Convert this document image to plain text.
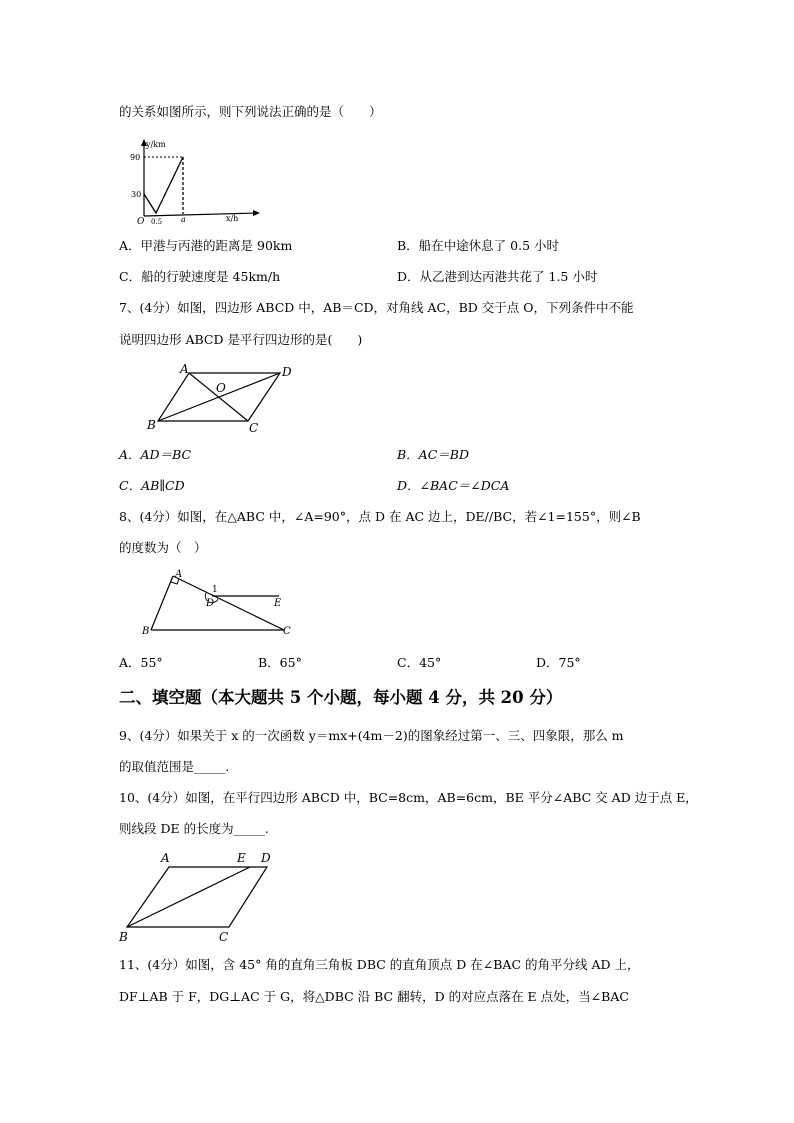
的关系如图所示，则下列说法正确的是（　　）
y/km
90
30
O 0.5 a	x/h
A．甲港与丙港的距离是 90km	B．船在中途休息了 0.5 小时
C．船的行驶速度是 45km/h	D．从乙港到达丙港共花了 1.5 小时
7、(4分）如图，四边形 ABCD 中，AB＝CD，对角线 AC，BD 交于点 O，下列条件中不能
说明四边形 ABCD 是平行四边形的是(　　)
A	D
B	C
O
A．AD＝BC	B．AC＝BD
C．AB∥CD	D．∠BAC＝∠DCA
8、(4分）如图，在△ABC 中，∠A=90°，点 D 在 AC 边上，DE//BC，若∠1=155°，则∠B
的度数为（　）
A
1
D	E
B	C
A．55°	B．65°	C．45°	D．75°
二、填空题（本大题共 5 个小题，每小题 4 分，共 20 分）
9、(4分）如果关于 x 的一次函数 y＝mx+(4m－2)的图象经过第一、三、四象限，那么 m
的取值范围是_____.
10、(4分）如图，在平行四边形 ABCD 中，BC=8cm，AB=6cm，BE 平分∠ABC 交 AD 边于点 E，
则线段 DE 的长度为_____.
A	E D
B	C
11、(4分）如图，含 45° 角的直角三角板 DBC 的直角顶点 D 在∠BAC 的角平分线 AD 上，
DF⊥AB 于 F，DG⊥AC 于 G，将△DBC 沿 BC 翻转，D 的对应点落在 E 点处，当∠BAC
